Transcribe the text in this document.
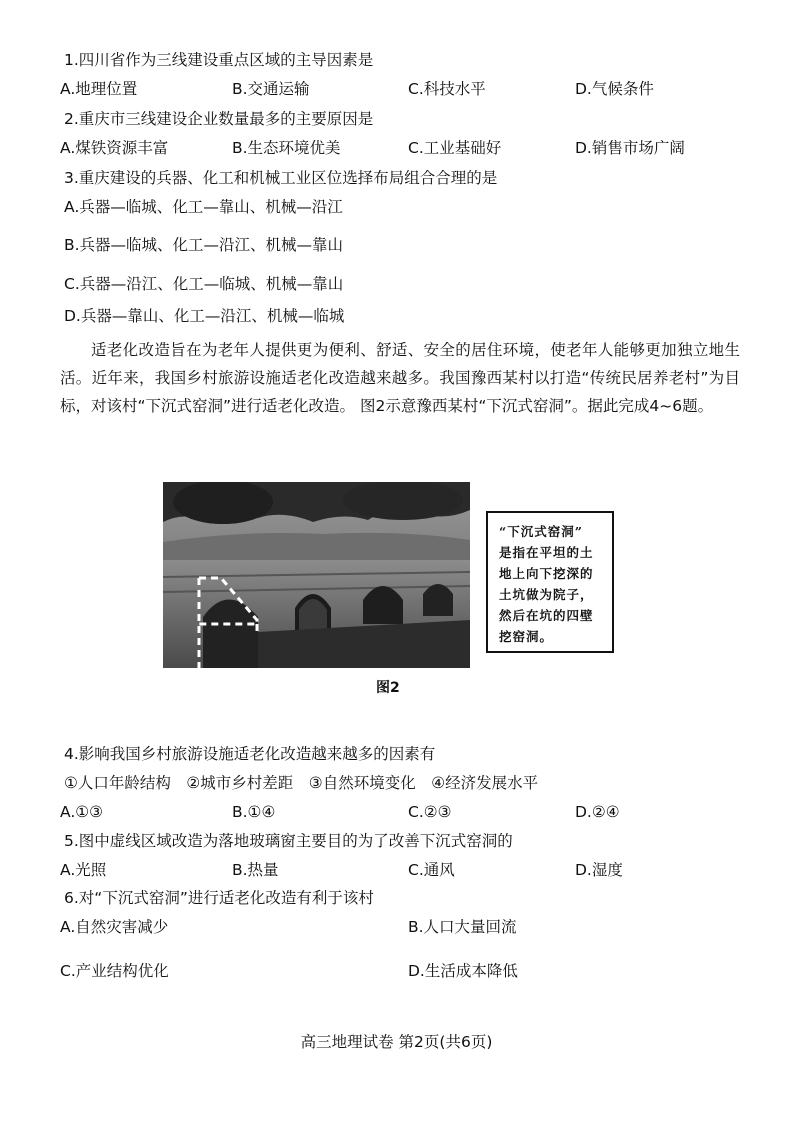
1.四川省作为三线建设重点区域的主导因素是
A.地理位置	B.交通运输	C.科技水平	D.气候条件
2.重庆市三线建设企业数量最多的主要原因是
A.煤铁资源丰富	B.生态环境优美	C.工业基础好	D.销售市场广阔
3.重庆建设的兵器、化工和机械工业区位选择布局组合合理的是
A.兵器—临城、化工—靠山、机械—沿江
B.兵器—临城、化工—沿江、机械—靠山
C.兵器—沿江、化工—临城、机械—靠山
D.兵器—靠山、化工—沿江、机械—临城
适老化改造旨在为老年人提供更为便利、舒适、安全的居住环境，使老年人能够更加独立地生活。近年来，我国乡村旅游设施适老化改造越来越多。我国豫西某村以打造“传统民居养老村”为目标，对该村“下沉式窑洞”进行适老化改造。 图2示意豫西某村“下沉式窑洞”。据此完成4~6题。
“下沉式窑洞”
是指在平坦的土
地上向下挖深的
土坑做为院子，
然后在坑的四壁
挖窑洞。
图2
4.影响我国乡村旅游设施适老化改造越来越多的因素有
①人口年龄结构　②城市乡村差距　③自然环境变化　④经济发展水平
A.①③	B.①④	C.②③	D.②④
5.图中虚线区域改造为落地玻璃窗主要目的为了改善下沉式窑洞的
A.光照	B.热量	C.通风	D.湿度
6.对“下沉式窑洞”进行适老化改造有利于该村
A.自然灾害减少	B.人口大量回流
C.产业结构优化	D.生活成本降低
高三地理试卷 第2页(共6页)
